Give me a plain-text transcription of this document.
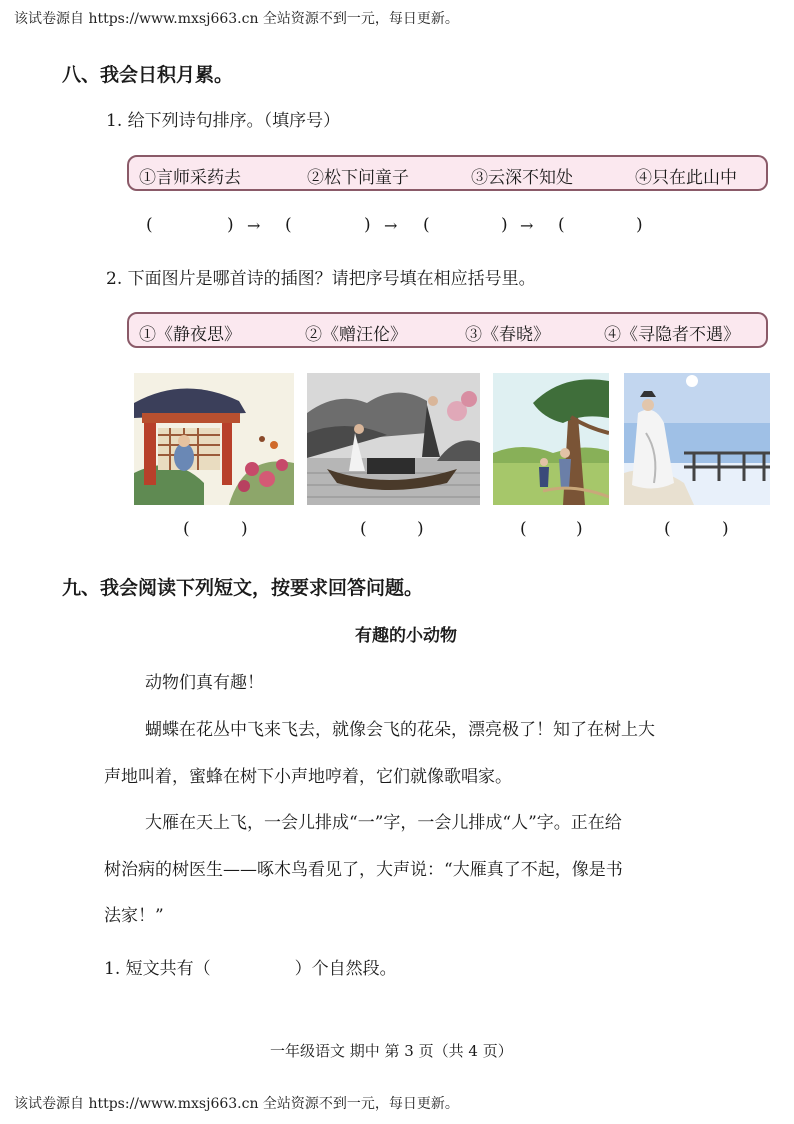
该试卷源自 https://www.mxsj663.cn 全站资源不到一元，每日更新。
八、我会日积月累。
1. 给下列诗句排序。（填序号）
①言师采药去	②松下问童子	③云深不知处	④只在此山中
(	) → (	) → (	) → (	)
2. 下面图片是哪首诗的插图？请把序号填在相应括号里。
①《静夜思》	②《赠汪伦》	③《春晓》	④《寻隐者不遇》
(	)	(	)	(	)	(	)
九、我会阅读下列短文，按要求回答问题。
有趣的小动物
动物们真有趣！
蝴蝶在花丛中飞来飞去，就像会飞的花朵，漂亮极了！知了在树上大
声地叫着，蜜蜂在树下小声地哼着，它们就像歌唱家。
大雁在天上飞，一会儿排成“一”字，一会儿排成“人”字。正在给
树治病的树医生——啄木鸟看见了，大声说：“大雁真了不起，像是书
法家！”
1. 短文共有（	）个自然段。
一年级语文 期中 第 3 页（共 4 页）
该试卷源自 https://www.mxsj663.cn 全站资源不到一元，每日更新。
